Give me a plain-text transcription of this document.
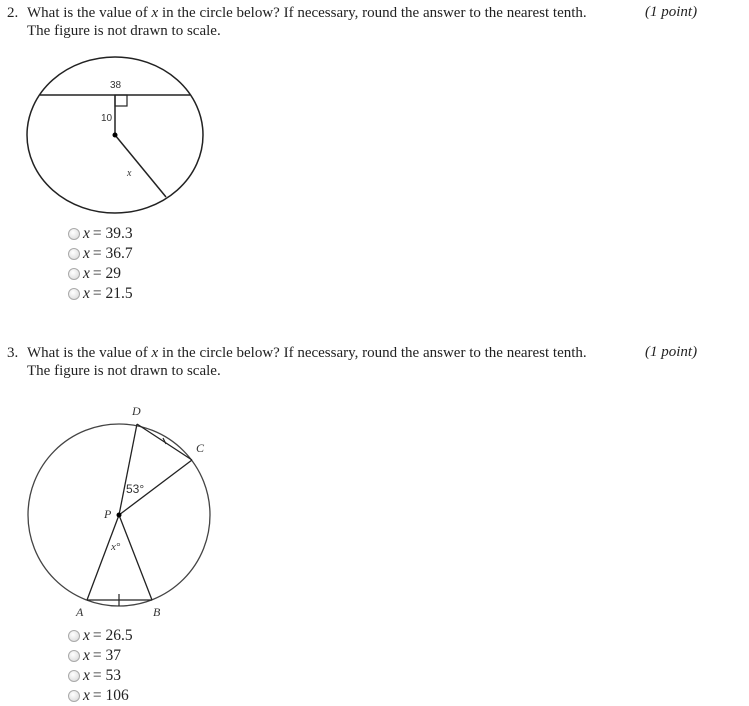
2. What is the value of x in the circle below? If necessary, round the answer to the nearest tenth.
The figure is not drawn to scale.
(1 point)
38
10
x
x = 39.3
x = 36.7
x = 29
x = 21.5
3. What is the value of x in the circle below? If necessary, round the answer to the nearest tenth.
The figure is not drawn to scale.
(1 point)
D
C
P
A	B
53°
x°
x = 26.5
x = 37
x = 53
x = 106
